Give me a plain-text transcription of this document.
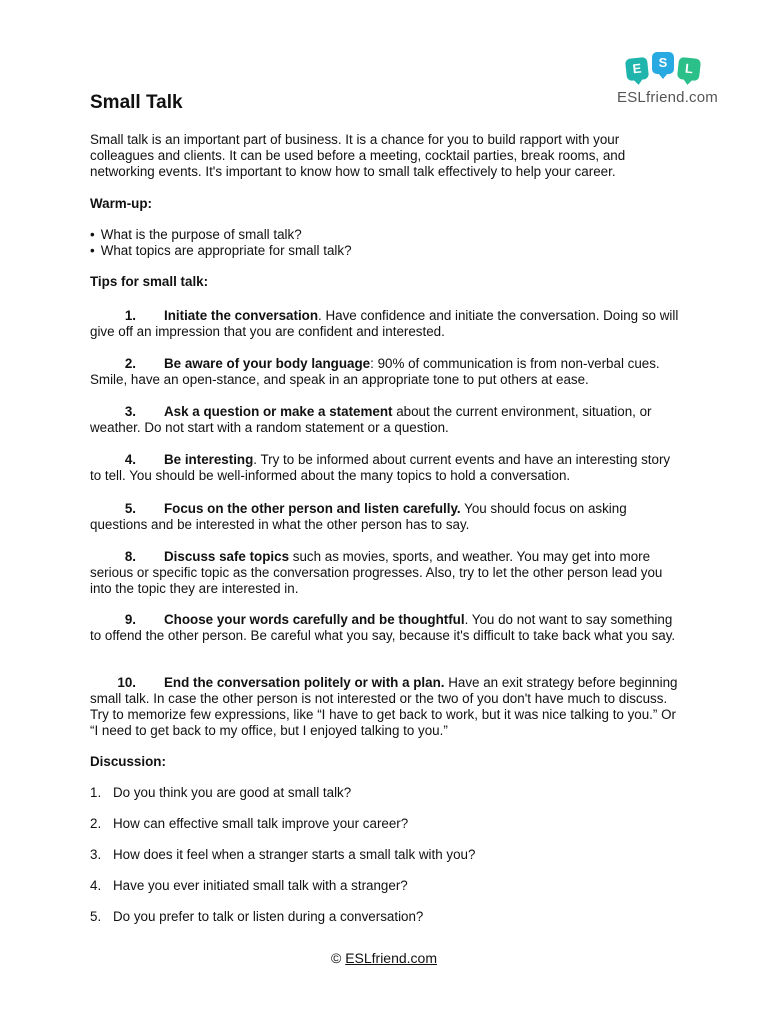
E	S	L
ESLfriend.com
Small Talk
Small talk is an important part of business. It is a chance for you to build rapport with your colleagues and clients. It can be used before a meeting, cocktail parties, break rooms, and networking events. It's important to know how to small talk effectively to help your career.
Warm-up:
• What is the purpose of small talk?
• What topics are appropriate for small talk?
Tips for small talk:
1. Initiate the conversation. Have confidence and initiate the conversation. Doing so will give off an impression that you are confident and interested.
2. Be aware of your body language: 90% of communication is from non-verbal cues. Smile, have an open-stance, and speak in an appropriate tone to put others at ease.
3. Ask a question or make a statement about the current environment, situation, or weather. Do not start with a random statement or a question.
4. Be interesting. Try to be informed about current events and have an interesting story to tell. You should be well-informed about the many topics to hold a conversation.
5. Focus on the other person and listen carefully. You should focus on asking questions and be interested in what the other person has to say.
8. Discuss safe topics such as movies, sports, and weather. You may get into more serious or specific topic as the conversation progresses. Also, try to let the other person lead you into the topic they are interested in.
9. Choose your words carefully and be thoughtful. You do not want to say something to offend the other person. Be careful what you say, because it's difficult to take back what you say.
10. End the conversation politely or with a plan. Have an exit strategy before beginning small talk. In case the other person is not interested or the two of you don't have much to discuss. Try to memorize few expressions, like “I have to get back to work, but it was nice talking to you.” Or “I need to get back to my office, but I enjoyed talking to you.”
Discussion:
1. Do you think you are good at small talk?
2. How can effective small talk improve your career?
3. How does it feel when a stranger starts a small talk with you?
4. Have you ever initiated small talk with a stranger?
5. Do you prefer to talk or listen during a conversation?
© ESLfriend.com
